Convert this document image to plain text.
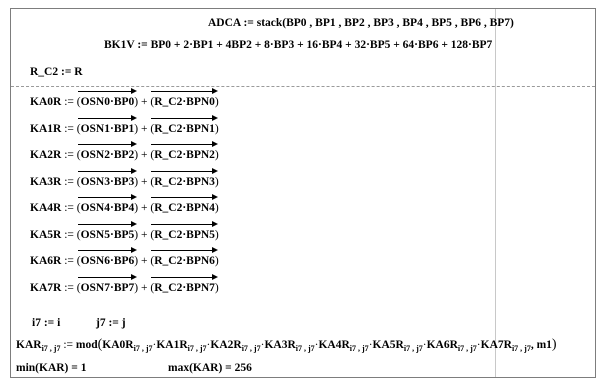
ADCA := stack(BP0 , BP1 , BP2 , BP3 , BP4 , BP5 , BP6 , BP7)
BK1V := BP0 + 2·BP1 + 4BP2 + 8·BP3 + 16·BP4 + 32·BP5 + 64·BP6 + 128·BP7
R_C2 := R
KA0R := (OSN0·BP0) + (R_C2·BPN0)
KA1R := (OSN1·BP1) + (R_C2·BPN1)
KA2R := (OSN2·BP2) + (R_C2·BPN2)
KA3R := (OSN3·BP3) + (R_C2·BPN3)
KA4R := (OSN4·BP4) + (R_C2·BPN4)
KA5R := (OSN5·BP5) + (R_C2·BPN5)
KA6R := (OSN6·BP6) + (R_C2·BPN6)
KA7R := (OSN7·BP7) + (R_C2·BPN7)
i7 := i	j7 := j
$KAR_{i7 , j7}$ := $mod(KA0R_{i7 , j7}\cdot KA1R_{i7 , j7}\cdot KA2R_{i7 , j7}\cdot KA3R_{i7 , j7}\cdot KA4R_{i7 , j7}\cdot KA5R_{i7 , j7}\cdot KA6R_{i7 , j7}\cdot KA7R_{i7 , j7}$, m1)
min(KAR) = 1	max(KAR) = 256
